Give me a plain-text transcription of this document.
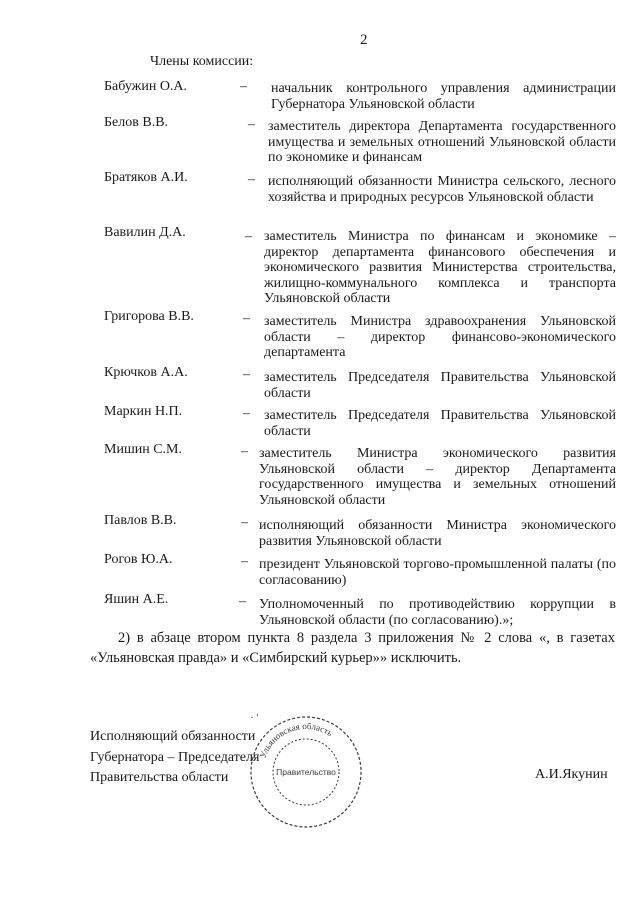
2
Члены комиссии:
Бабужин О.А.	– начальник контрольного управления администрации Губернатора Ульяновской области
Белов В.В.	– заместитель директора Департамента государственного имущества и земельных отношений Ульяновской области по экономике и финансам
Братяков А.И.	– исполняющий обязанности Министра сельского, лесного хозяйства и природных ресурсов Ульяновской области
Вавилин Д.А.	– заместитель Министра по финансам и экономике – директор департамента финансового обеспечения и экономического развития Министерства строительства, жилищно-коммунального комплекса и транспорта Ульяновской области
Григорова В.В.	– заместитель Министра здравоохранения Ульяновской области – директор финансово-экономического департамента
Крючков А.А.	– заместитель Председателя Правительства Ульяновской области
Маркин Н.П.	– заместитель Председателя Правительства Ульяновской области
Мишин С.М.	– заместитель Министра экономического развития Ульяновской области – директор Департамента государственного имущества и земельных отношений Ульяновской области
Павлов В.В.	– исполняющий обязанности Министра экономического развития Ульяновской области
Рогов Ю.А.	– президент Ульяновской торгово-промышленной палаты (по согласованию)
Яшин А.Е.	– Уполномоченный по противодействию коррупции в Ульяновской области (по согласованию).»;
2) в абзаце втором пункта 8 раздела 3 приложения № 2 слова «, в газетах «Ульяновская правда» и «Симбирский курьер»» исключить.
Ульяновская область
Правительство
· '
Исполняющий обязанности
Губернатора – Председателя
Правительства области	А.И.Якунин
